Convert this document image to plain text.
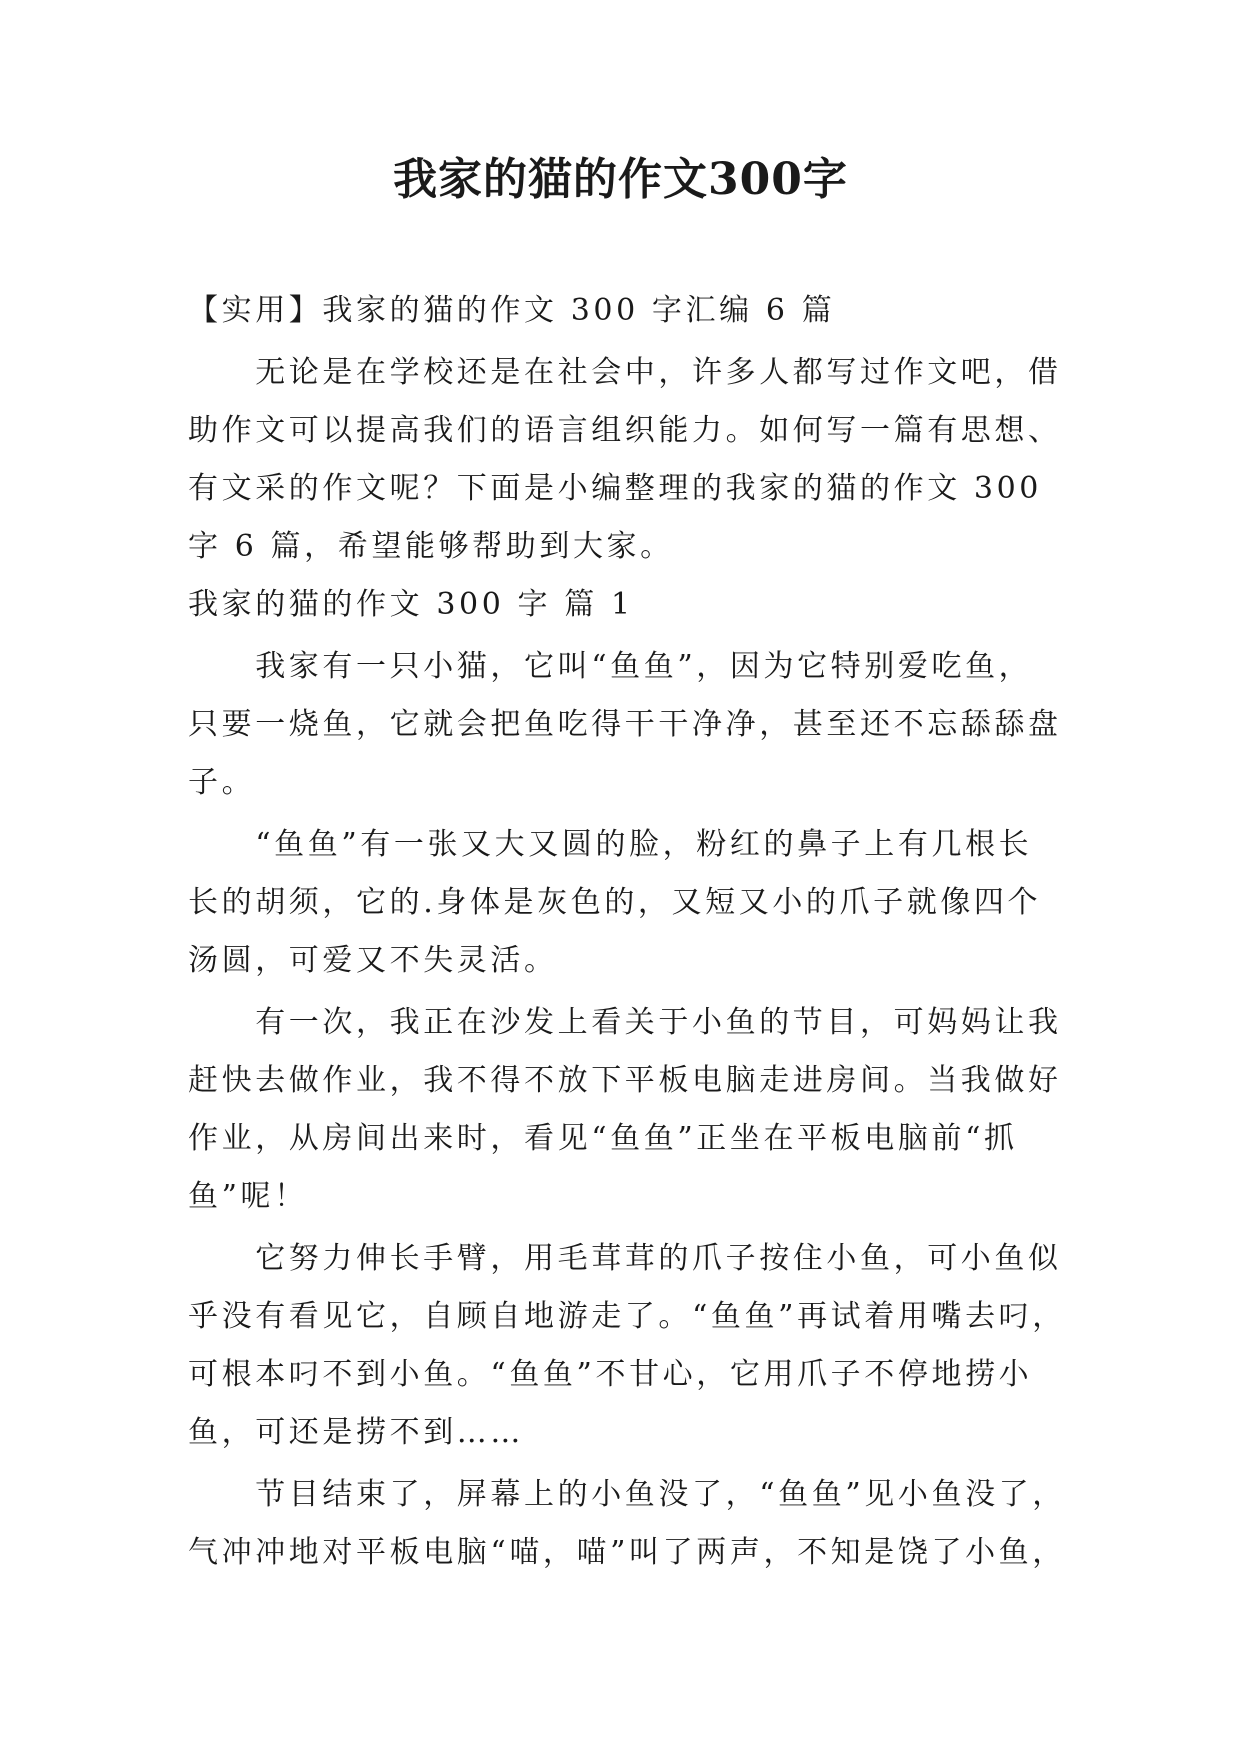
我家的猫的作文300字
【实用】我家的猫的作文 300 字汇编 6 篇
　　无论是在学校还是在社会中，许多人都写过作文吧，借
助作文可以提高我们的语言组织能力。如何写一篇有思想、
有文采的作文呢？下面是小编整理的我家的猫的作文 300
字 6 篇，希望能够帮助到大家。
我家的猫的作文 300 字 篇 1
　　我家有一只小猫，它叫“鱼鱼”，因为它特别爱吃鱼，
只要一烧鱼，它就会把鱼吃得干干净净，甚至还不忘舔舔盘
子。
　　“鱼鱼”有一张又大又圆的脸，粉红的鼻子上有几根长
长的胡须，它的.身体是灰色的，又短又小的爪子就像四个
汤圆，可爱又不失灵活。
　　有一次，我正在沙发上看关于小鱼的节目，可妈妈让我
赶快去做作业，我不得不放下平板电脑走进房间。当我做好
作业，从房间出来时，看见“鱼鱼”正坐在平板电脑前“抓
鱼”呢！
　　它努力伸长手臂，用毛茸茸的爪子按住小鱼，可小鱼似
乎没有看见它，自顾自地游走了。“鱼鱼”再试着用嘴去叼，
可根本叼不到小鱼。“鱼鱼”不甘心，它用爪子不停地捞小
鱼，可还是捞不到……
　　节目结束了，屏幕上的小鱼没了，“鱼鱼”见小鱼没了，
气冲冲地对平板电脑“喵，喵”叫了两声，不知是饶了小鱼，
